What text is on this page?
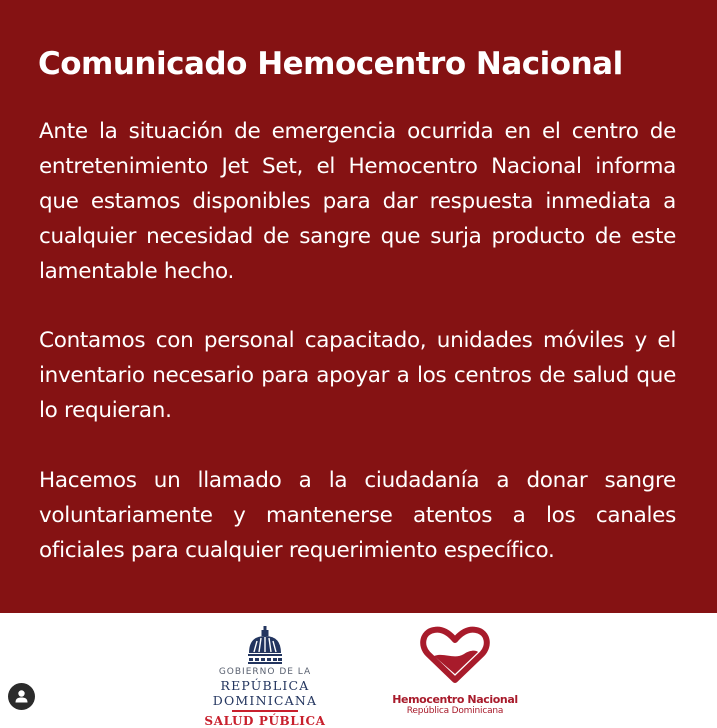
Comunicado Hemocentro Nacional
Ante la situación de emergencia ocurrida en el centro de entretenimiento Jet Set, el Hemocentro Nacional informa que estamos disponibles para dar respuesta inmediata a cualquier necesidad de sangre que surja producto de este lamentable hecho.
Contamos con personal capacitado, unidades móviles y el inventario necesario para apoyar a los centros de salud que lo requieran.
Hacemos un llamado a la ciudadanía a donar sangre voluntariamente y mantenerse atentos a los canales oficiales para cualquier requerimiento específico.
GOBIERNO DE LA
REPÚBLICA DOMINICANA
SALUD PÚBLICA
Hemocentro Nacional
República Dominicana
